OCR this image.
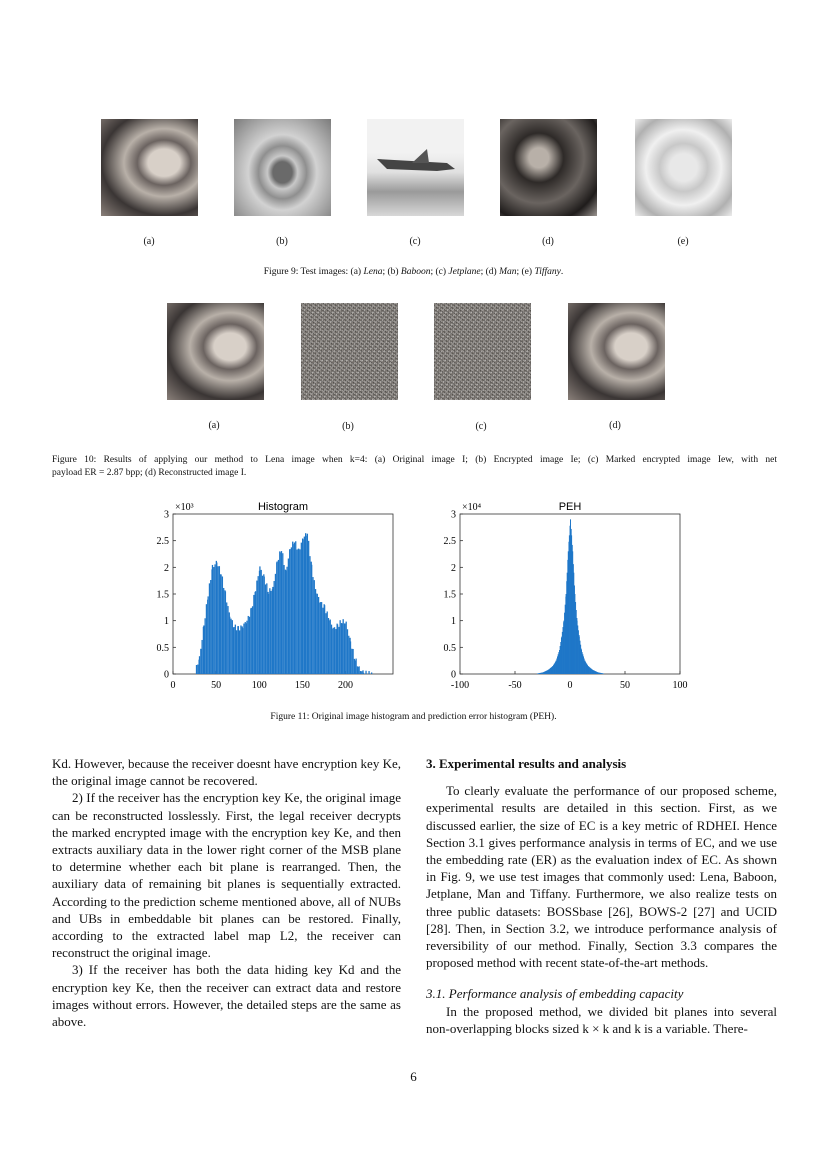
(a)	(b)	(c)	(d)	(e)
Figure 9: Test images: (a) Lena; (b) Baboon; (c) Jetplane; (d) Man; (e) Tiffany.
(a)	(b)	(c)	(d)
Figure 10: Results of applying our method to Lena image when k=4: (a) Original image I; (b) Encrypted image Ie; (c) Marked encrypted image Iew, with net
payload ER = 2.87 bpp; (d) Reconstructed image I.
Histogram
×10³
0
0.5
1
1.5
2
2.5
3
0	50	100	150	200
PEH
×10⁴
0
0.5
1
1.5
2
2.5
3
-100	-50	0	50	100
Figure 11: Original image histogram and prediction error histogram (PEH).

Kd. However, because the receiver doesnt have encryption key Ke, the original image cannot be recovered.

2) If the receiver has the encryption key Ke, the original image can be reconstructed losslessly. First, the legal receiver decrypts the marked encrypted image with the encryption key Ke, and then extracts auxiliary data in the lower right corner of the MSB plane to determine whether each bit plane is rearranged. Then, the auxiliary data of remaining bit planes is sequentially extracted. According to the prediction scheme mentioned above, all of NUBs and UBs in embeddable bit planes can be restored. Finally, according to the extracted label map L2, the receiver can reconstruct the original image.

3) If the receiver has both the data hiding key Kd and the encryption key Ke, then the receiver can extract data and restore images without errors. However, the detailed steps are the same as above.

3. Experimental results and analysis

To clearly evaluate the performance of our proposed scheme, experimental results are detailed in this section. First, as we discussed earlier, the size of EC is a key metric of RDHEI. Hence Section 3.1 gives performance analysis in terms of EC, and we use the embedding rate (ER) as the evaluation index of EC. As shown in Fig. 9, we use test images that commonly used: Lena, Baboon, Jetplane, Man and Tiffany. Furthermore, we also realize tests on three public datasets: BOSSbase [26], BOWS-2 [27] and UCID [28]. Then, in Section 3.2, we introduce performance analysis of reversibility of our method. Finally, Section 3.3 compares the proposed method with recent state-of-the-art methods.

3.1. Performance analysis of embedding capacity

In the proposed method, we divided bit planes into several non-overlapping blocks sized k × k and k is a variable. There-

6
